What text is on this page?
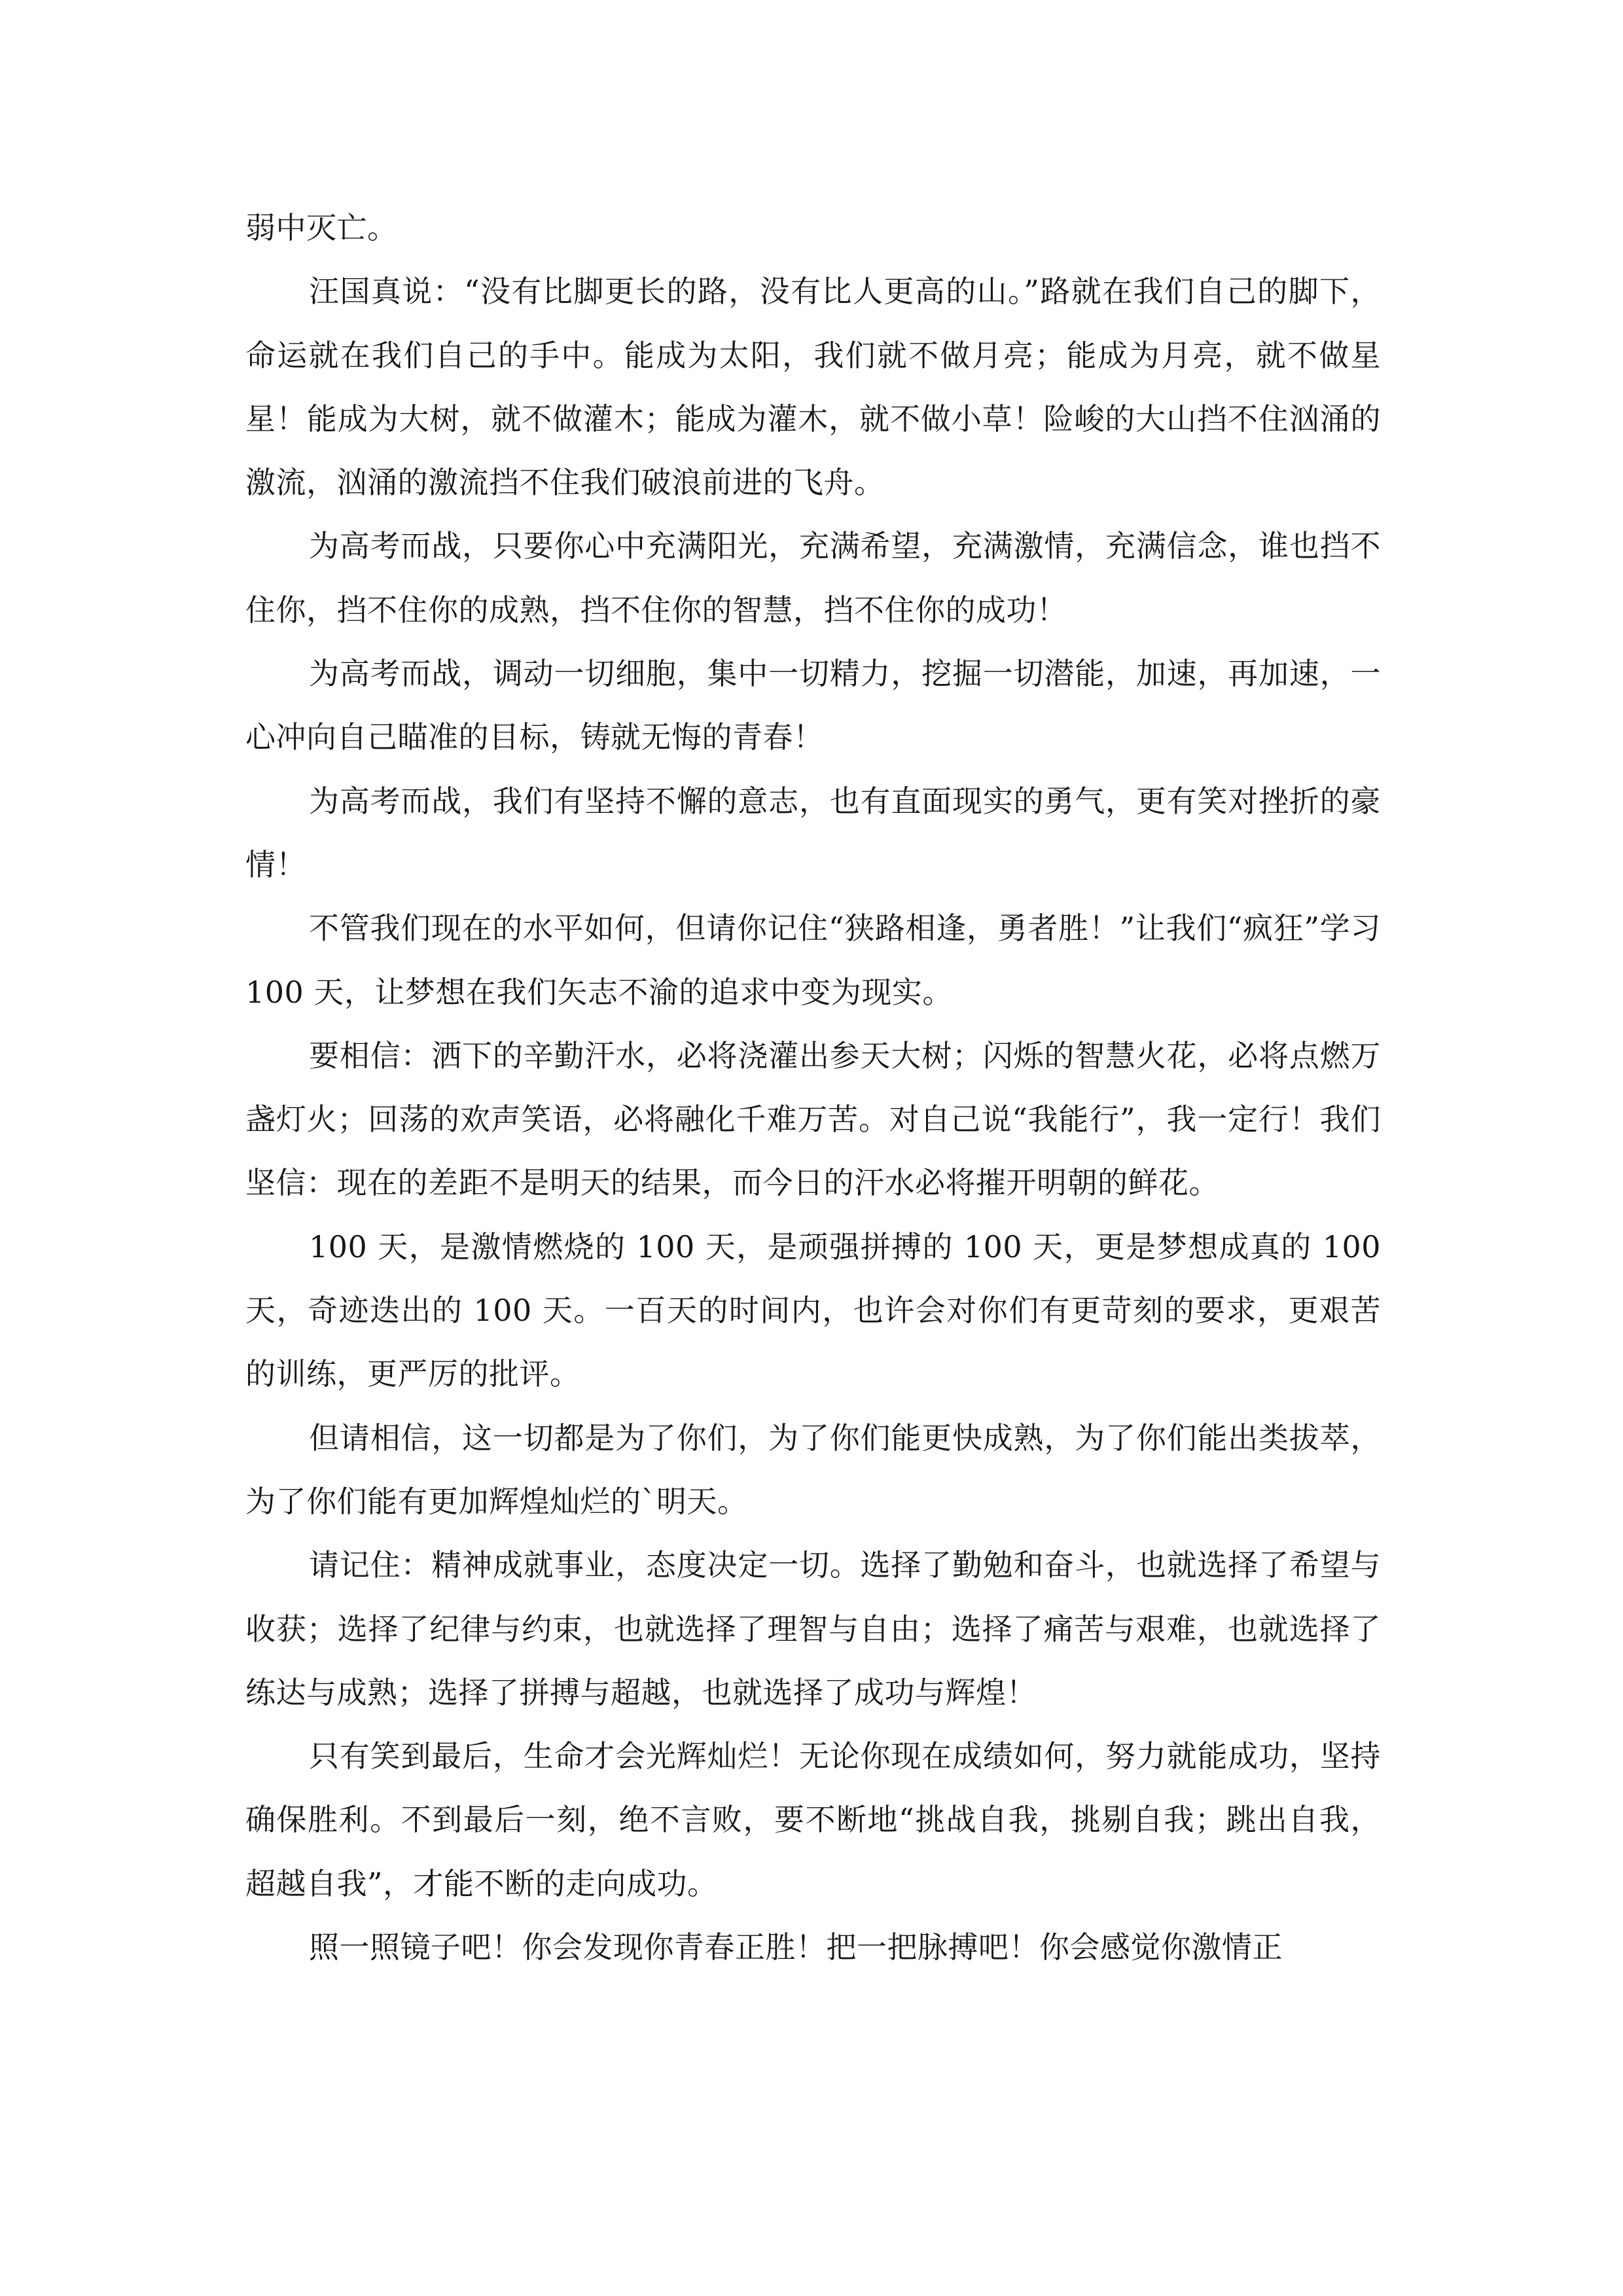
弱中灭亡。

汪国真说：“没有比脚更长的路，没有比人更高的山。”路就在我们自己的脚下，命运就在我们自己的手中。能成为太阳，我们就不做月亮；能成为月亮，就不做星星！能成为大树，就不做灌木；能成为灌木，就不做小草！险峻的大山挡不住汹涌的激流，汹涌的激流挡不住我们破浪前进的飞舟。

为高考而战，只要你心中充满阳光，充满希望，充满激情，充满信念，谁也挡不住你，挡不住你的成熟，挡不住你的智慧，挡不住你的成功！

为高考而战，调动一切细胞，集中一切精力，挖掘一切潜能，加速，再加速，一心冲向自己瞄准的目标，铸就无悔的青春！

为高考而战，我们有坚持不懈的意志，也有直面现实的勇气，更有笑对挫折的豪情！

不管我们现在的水平如何，但请你记住“狭路相逢，勇者胜！”让我们“疯狂”学习 100 天，让梦想在我们矢志不渝的追求中变为现实。

要相信：洒下的辛勤汗水，必将浇灌出参天大树；闪烁的智慧火花，必将点燃万盏灯火；回荡的欢声笑语，必将融化千难万苦。对自己说“我能行”，我一定行！我们坚信：现在的差距不是明天的结果，而今日的汗水必将摧开明朝的鲜花。

100 天，是激情燃烧的 100 天，是顽强拼搏的 100 天，更是梦想成真的 100 天，奇迹迭出的 100 天。一百天的时间内，也许会对你们有更苛刻的要求，更艰苦的训练，更严厉的批评。

但请相信，这一切都是为了你们，为了你们能更快成熟，为了你们能出类拔萃，为了你们能有更加辉煌灿烂的`明天。

请记住：精神成就事业，态度决定一切。选择了勤勉和奋斗，也就选择了希望与收获；选择了纪律与约束，也就选择了理智与自由；选择了痛苦与艰难，也就选择了练达与成熟；选择了拼搏与超越，也就选择了成功与辉煌！

只有笑到最后，生命才会光辉灿烂！无论你现在成绩如何，努力就能成功，坚持确保胜利。不到最后一刻，绝不言败，要不断地“挑战自我，挑剔自我；跳出自我，超越自我”，才能不断的走向成功。

照一照镜子吧！你会发现你青春正胜！把一把脉搏吧！你会感觉你激情正
